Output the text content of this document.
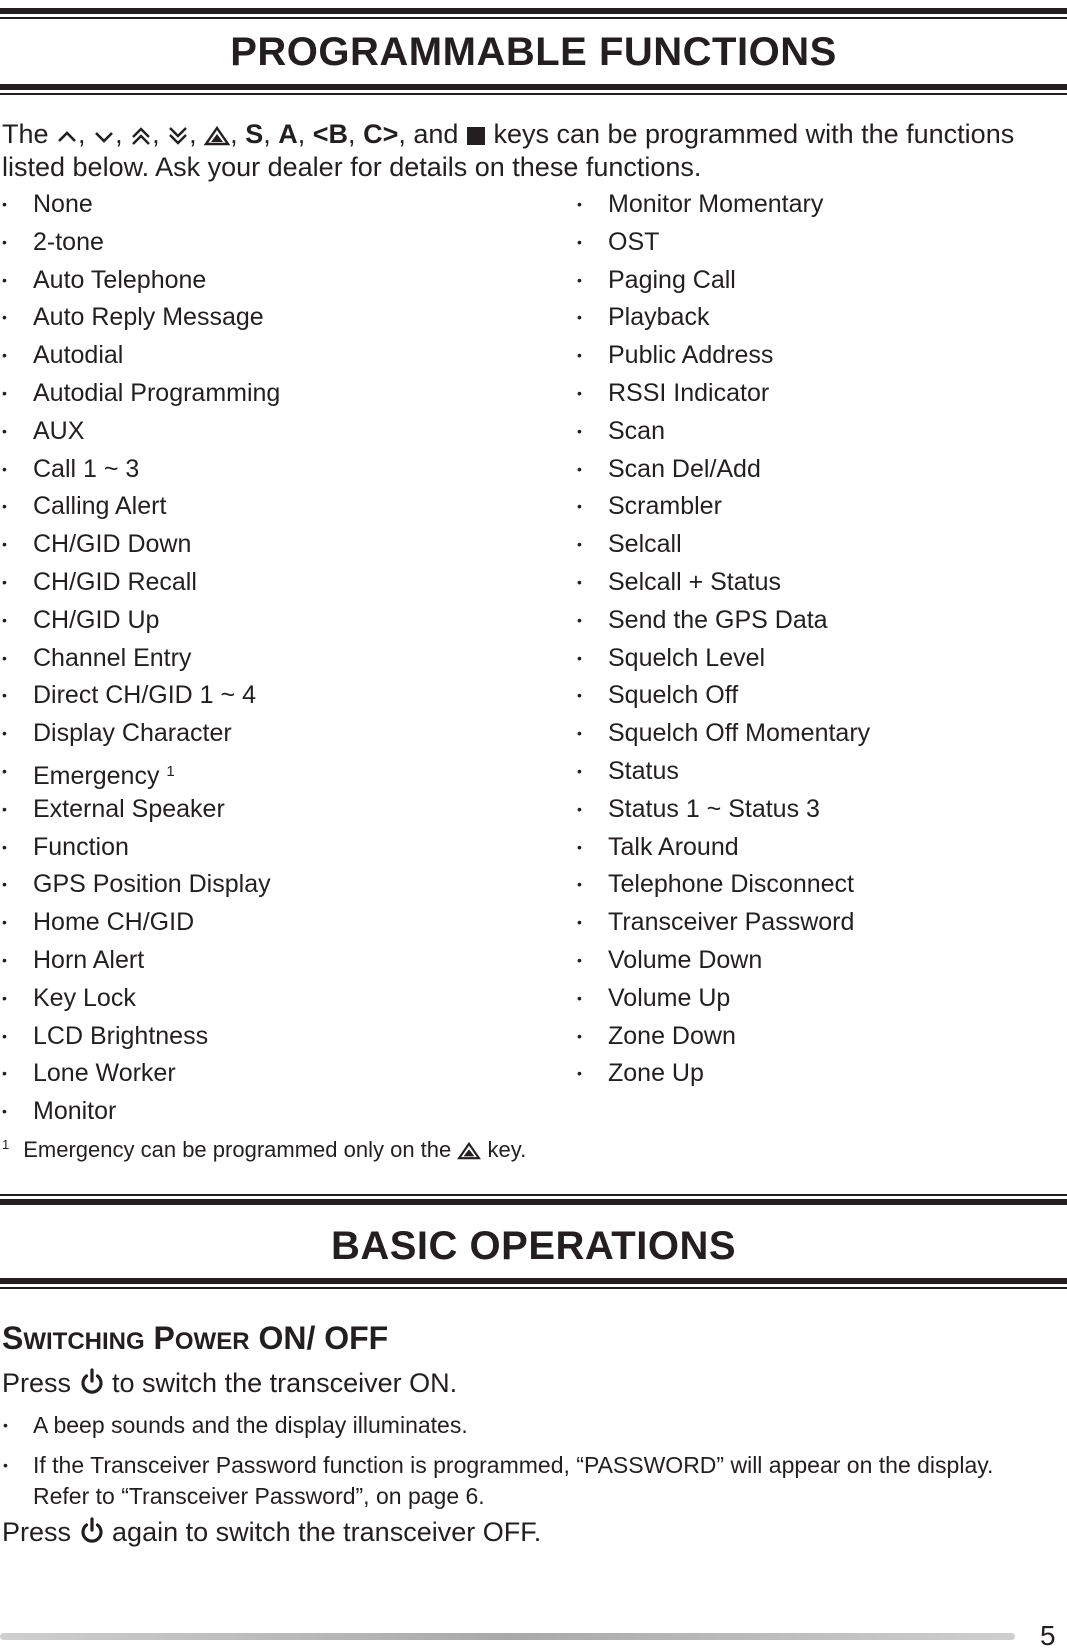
PROGRAMMABLE FUNCTIONS
The , , , , , S, A, <B, C>, and  keys can be programmed with the functions listed below. Ask your dealer for details on these functions.
• None
• 2-tone
• Auto Telephone
• Auto Reply Message
• Autodial
• Autodial Programming
• AUX
• Call 1 ~ 3
• Calling Alert
• CH/GID Down
• CH/GID Recall
• CH/GID Up
• Channel Entry
• Direct CH/GID 1 ~ 4
• Display Character
• Emergency $^1$
• External Speaker
• Function
• GPS Position Display
• Home CH/GID
• Horn Alert
• Key Lock
• LCD Brightness
• Lone Worker
• Monitor
• Monitor Momentary
• OST
• Paging Call
• Playback
• Public Address
• RSSI Indicator
• Scan
• Scan Del/Add
• Scrambler
• Selcall
• Selcall + Status
• Send the GPS Data
• Squelch Level
• Squelch Off
• Squelch Off Momentary
• Status
• Status 1 ~ Status 3
• Talk Around
• Telephone Disconnect
• Transceiver Password
• Volume Down
• Volume Up
• Zone Down
• Zone Up
$^1$ Emergency can be programmed only on the  key.
BASIC OPERATIONS
SWITCHING POWER ON/ OFF
Press  to switch the transceiver ON.
• A beep sounds and the display illuminates.
• If the Transceiver Password function is programmed, “PASSWORD” will appear on the display. Refer to “Transceiver Password”, on page 6.
Press  again to switch the transceiver OFF.
5
